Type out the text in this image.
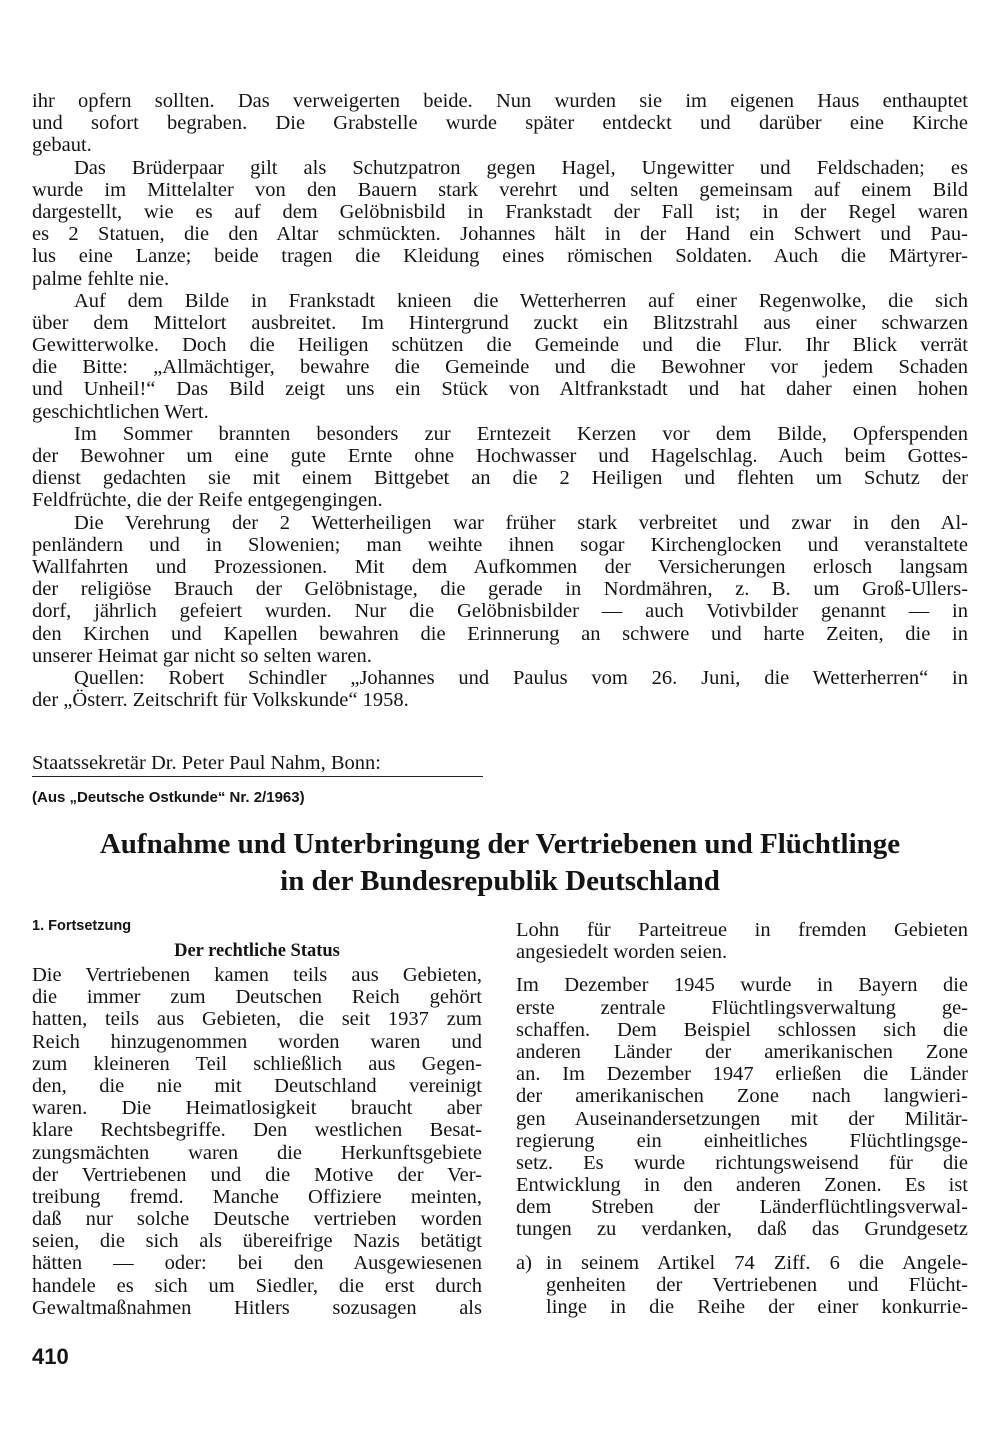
ihr opfern sollten. Das verweigerten beide. Nun wurden sie im eigenen Haus enthauptet
und sofort begraben. Die Grabstelle wurde später entdeckt und darüber eine Kirche
gebaut.
Das Brüderpaar gilt als Schutzpatron gegen Hagel, Ungewitter und Feldschaden; es
wurde im Mittelalter von den Bauern stark verehrt und selten gemeinsam auf einem Bild
dargestellt, wie es auf dem Gelöbnisbild in Frankstadt der Fall ist; in der Regel waren
es 2 Statuen, die den Altar schmückten. Johannes hält in der Hand ein Schwert und Pau-
lus eine Lanze; beide tragen die Kleidung eines römischen Soldaten. Auch die Märtyrer-
palme fehlte nie.
Auf dem Bilde in Frankstadt knieen die Wetterherren auf einer Regenwolke, die sich
über dem Mittelort ausbreitet. Im Hintergrund zuckt ein Blitzstrahl aus einer schwarzen
Gewitterwolke. Doch die Heiligen schützen die Gemeinde und die Flur. Ihr Blick verrät
die Bitte: „Allmächtiger, bewahre die Gemeinde und die Bewohner vor jedem Schaden
und Unheil!“ Das Bild zeigt uns ein Stück von Altfrankstadt und hat daher einen hohen
geschichtlichen Wert.
Im Sommer brannten besonders zur Erntezeit Kerzen vor dem Bilde, Opferspenden
der Bewohner um eine gute Ernte ohne Hochwasser und Hagelschlag. Auch beim Gottes-
dienst gedachten sie mit einem Bittgebet an die 2 Heiligen und flehten um Schutz der
Feldfrüchte, die der Reife entgegengingen.
Die Verehrung der 2 Wetterheiligen war früher stark verbreitet und zwar in den Al-
penländern und in Slowenien; man weihte ihnen sogar Kirchenglocken und veranstaltete
Wallfahrten und Prozessionen. Mit dem Aufkommen der Versicherungen erlosch langsam
der religiöse Brauch der Gelöbnistage, die gerade in Nordmähren, z. B. um Groß-Ullers-
dorf, jährlich gefeiert wurden. Nur die Gelöbnisbilder — auch Votivbilder genannt — in
den Kirchen und Kapellen bewahren die Erinnerung an schwere und harte Zeiten, die in
unserer Heimat gar nicht so selten waren.
Quellen: Robert Schindler „Johannes und Paulus vom 26. Juni, die Wetterherren“ in
der „Österr. Zeitschrift für Volkskunde“ 1958.
Staatssekretär Dr. Peter Paul Nahm, Bonn:
(Aus „Deutsche Ostkunde“ Nr. 2/1963)
Aufnahme und Unterbringung der Vertriebenen und Flüchtlinge
in der Bundesrepublik Deutschland
1. Fortsetzung
Der rechtliche Status
Die Vertriebenen kamen teils aus Gebieten,
die immer zum Deutschen Reich gehört
hatten, teils aus Gebieten, die seit 1937 zum
Reich hinzugenommen worden waren und
zum kleineren Teil schließlich aus Gegen-
den, die nie mit Deutschland vereinigt
waren. Die Heimatlosigkeit braucht aber
klare Rechtsbegriffe. Den westlichen Besat-
zungsmächten waren die Herkunftsgebiete
der Vertriebenen und die Motive der Ver-
treibung fremd. Manche Offiziere meinten,
daß nur solche Deutsche vertrieben worden
seien, die sich als übereifrige Nazis betätigt
hätten — oder: bei den Ausgewiesenen
handele es sich um Siedler, die erst durch
Gewaltmaßnahmen Hitlers sozusagen als
Lohn für Parteitreue in fremden Gebieten
angesiedelt worden seien.
Im Dezember 1945 wurde in Bayern die
erste zentrale Flüchtlingsverwaltung ge-
schaffen. Dem Beispiel schlossen sich die
anderen Länder der amerikanischen Zone
an. Im Dezember 1947 erließen die Länder
der amerikanischen Zone nach langwieri-
gen Auseinandersetzungen mit der Militär-
regierung ein einheitliches Flüchtlingsge-
setz. Es wurde richtungsweisend für die
Entwicklung in den anderen Zonen. Es ist
dem Streben der Länderflüchtlingsverwal-
tungen zu verdanken, daß das Grundgesetz
a) in seinem Artikel 74 Ziff. 6 die Angele-
genheiten der Vertriebenen und Flücht-
linge in die Reihe der einer konkurrie-
410
